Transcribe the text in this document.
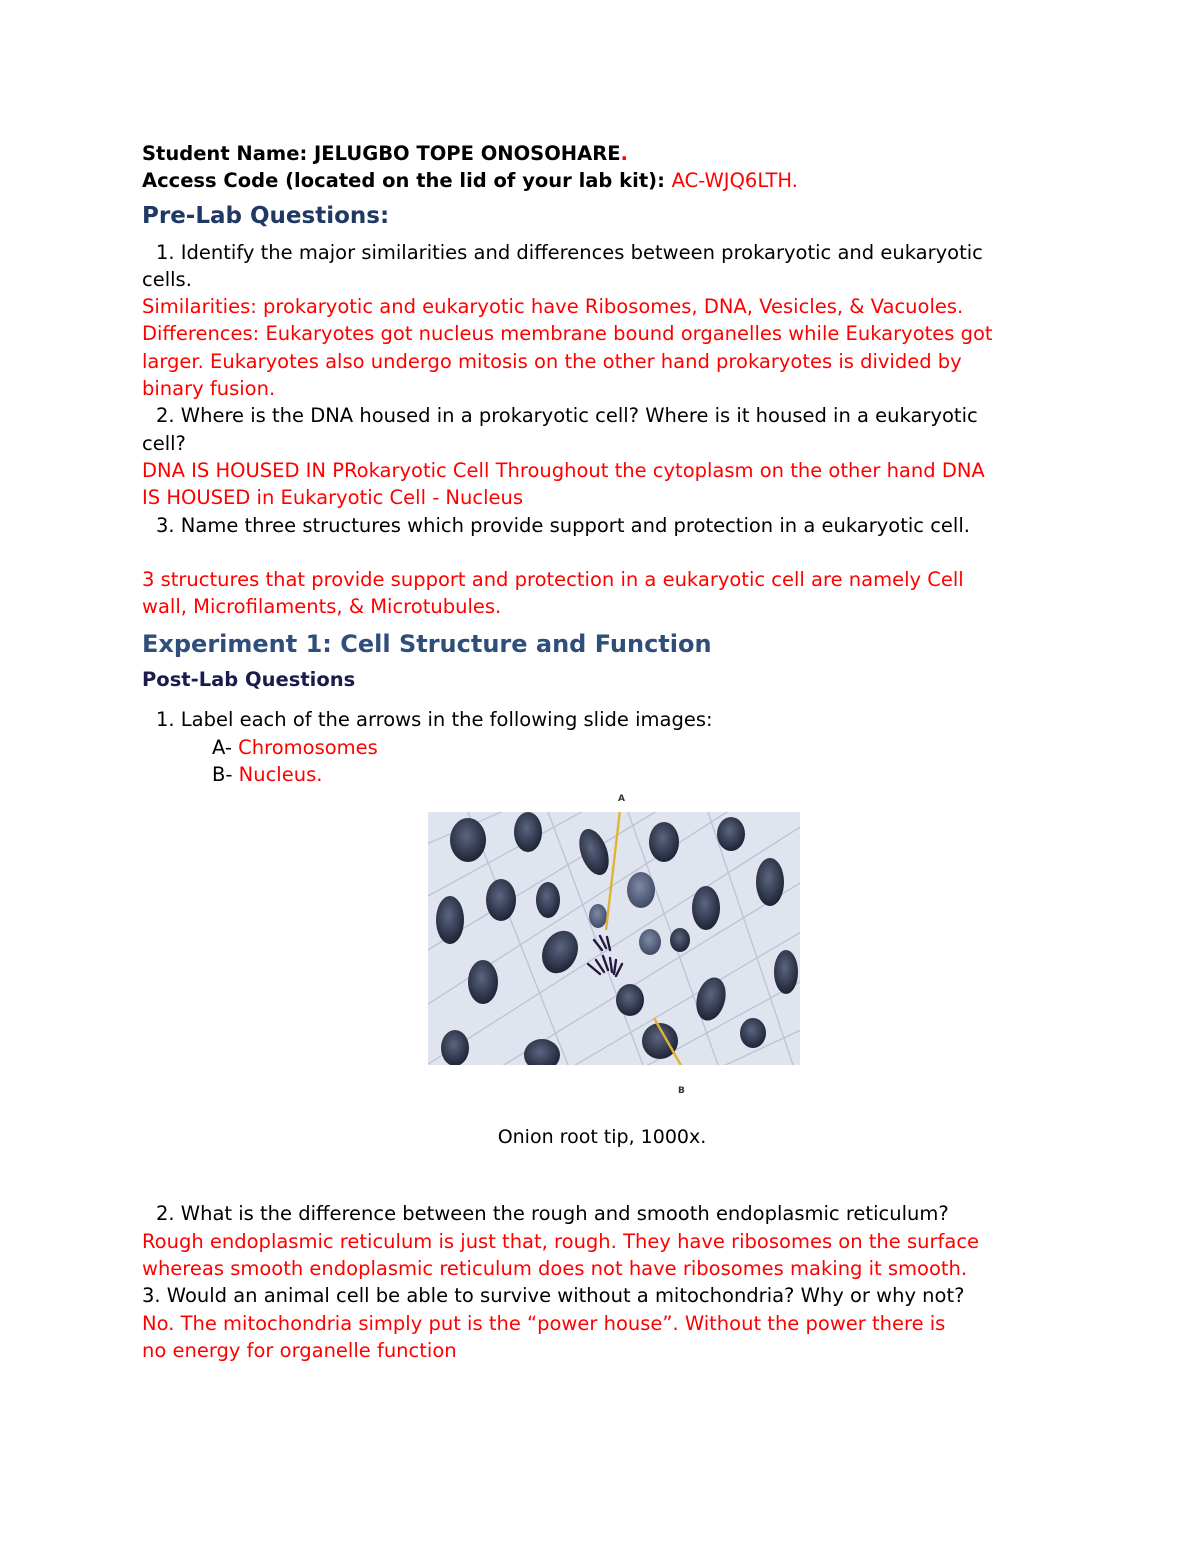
Student Name: JELUGBO TOPE ONOSOHARE.

Access Code (located on the lid of your lab kit): AC-WJQ6LTH.

Pre-Lab Questions:

1. Identify the major similarities and differences between prokaryotic and eukaryotic

cells.

Similarities: prokaryotic and eukaryotic have Ribosomes, DNA, Vesicles, & Vacuoles.

Differences: Eukaryotes got nucleus membrane bound organelles while Eukaryotes got

larger. Eukaryotes also undergo mitosis on the other hand prokaryotes is divided by

binary fusion.

2. Where is the DNA housed in a prokaryotic cell? Where is it housed in a eukaryotic

cell?

DNA IS HOUSED IN PRokaryotic Cell Throughout the cytoplasm on the other hand DNA

IS HOUSED in Eukaryotic Cell - Nucleus

3. Name three structures which provide support and protection in a eukaryotic cell.

3 structures that provide support and protection in a eukaryotic cell are namely Cell

wall, Microfilaments, & Microtubules.

Experiment 1: Cell Structure and Function
Post-Lab Questions

1. Label each of the arrows in the following slide images:

A- Chromosomes

B- Nucleus.

A
B

Onion root tip, 1000x.

2. What is the difference between the rough and smooth endoplasmic reticulum?

Rough endoplasmic reticulum is just that, rough. They have ribosomes on the surface

whereas smooth endoplasmic reticulum does not have ribosomes making it smooth.

3. Would an animal cell be able to survive without a mitochondria? Why or why not?

No. The mitochondria simply put is the “power house”. Without the power there is

no energy for organelle function
